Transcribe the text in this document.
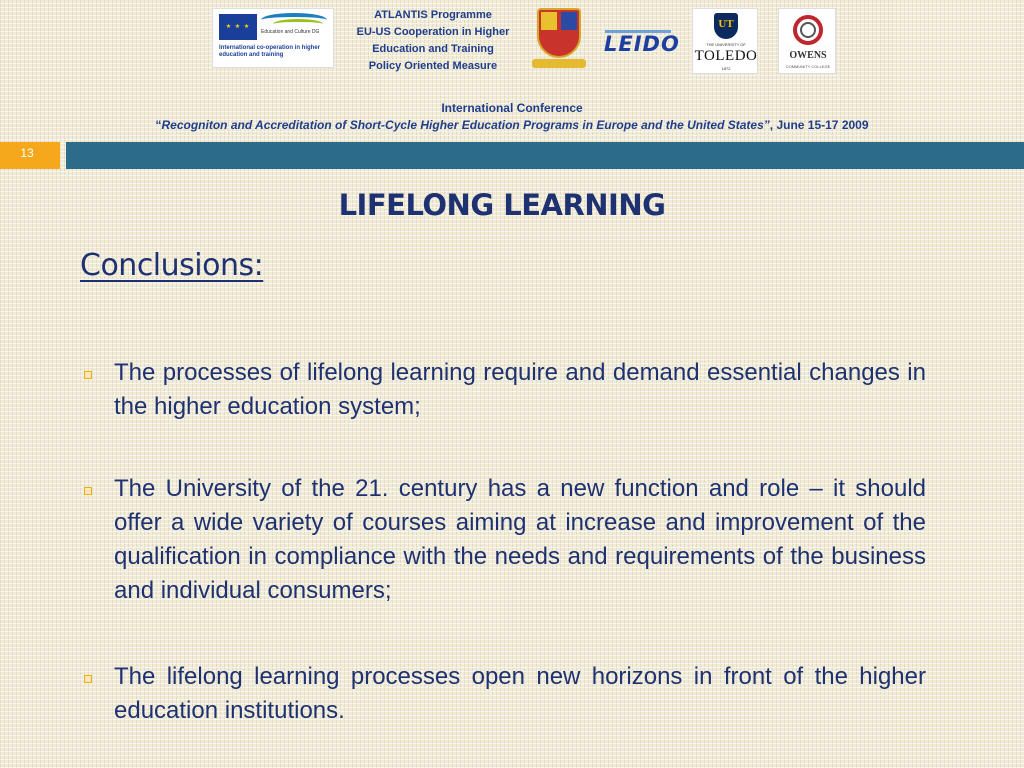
★ ★ ★
Education and Culture DG
International co-operation in higher education and training
ATLANTIS Programme
EU-US Cooperation in Higher
Education and Training
Policy Oriented Measure
LEIDO
UT
THE UNIVERSITY OF
TOLEDO
1872
OWENS
COMMUNITY COLLEGE
International Conference
“Recogniton and Accreditation of Short-Cycle Higher Education Programs in Europe and the United States”, June 15-17 2009
13
LIFELONG LEARNING
Conclusions:
The processes of lifelong learning require and demand essential changes in the higher education system;
The University of the 21. century has a new function and role – it should offer a wide variety of courses aiming at increase and improvement of the qualification in compliance with the needs and requirements of the business and individual consumers;
The lifelong learning processes open new horizons in front of the higher education institutions.
